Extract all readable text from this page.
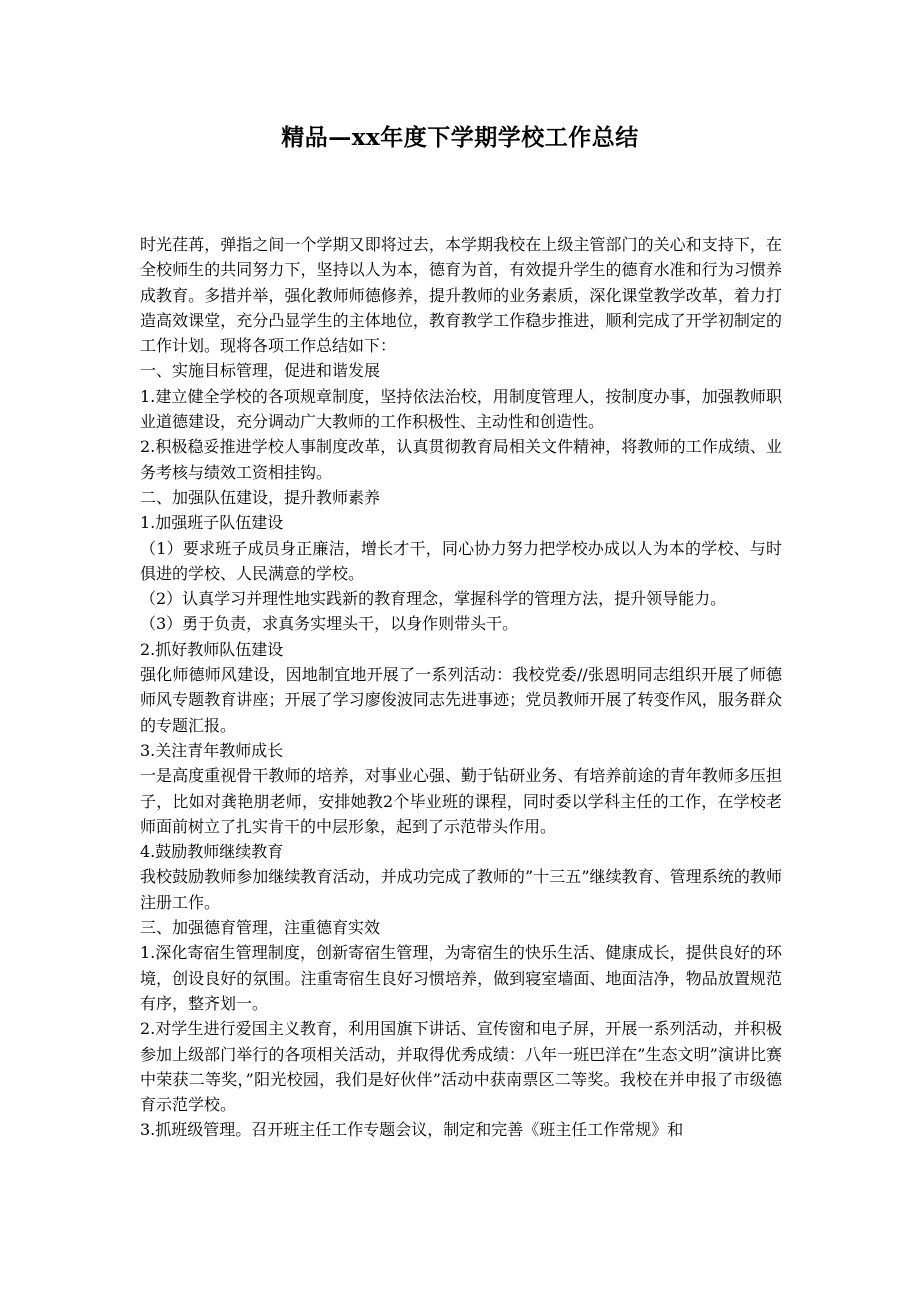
精品—xx年度下学期学校工作总结

时光荏苒，弹指之间一个学期又即将过去，本学期我校在上级主管部门的关心和支持下，在全校师生的共同努力下，坚持以人为本，德育为首，有效提升学生的德育水准和行为习惯养成教育。多措并举，强化教师师德修养，提升教师的业务素质，深化课堂教学改革，着力打造高效课堂，充分凸显学生的主体地位，教育教学工作稳步推进，顺利完成了开学初制定的工作计划。现将各项工作总结如下：

一、实施目标管理，促进和谐发展

1.建立健全学校的各项规章制度，坚持依法治校，用制度管理人，按制度办事，加强教师职业道德建设，充分调动广大教师的工作积极性、主动性和创造性。

2.积极稳妥推进学校人事制度改革，认真贯彻教育局相关文件精神，将教师的工作成绩、业务考核与绩效工资相挂钩。

二、加强队伍建设，提升教师素养

1.加强班子队伍建设

（1）要求班子成员身正廉洁，增长才干，同心协力努力把学校办成以人为本的学校、与时俱进的学校、人民满意的学校。

（2）认真学习并理性地实践新的教育理念，掌握科学的管理方法，提升领导能力。

（3）勇于负责，求真务实埋头干，以身作则带头干。

2.抓好教师队伍建设

强化师德师风建设，因地制宜地开展了一系列活动：我校党委//张恩明同志组织开展了师德师风专题教育讲座；开展了学习廖俊波同志先进事迹；党员教师开展了转变作风，服务群众的专题汇报。

3.关注青年教师成长

一是高度重视骨干教师的培养，对事业心强、勤于钻研业务、有培养前途的青年教师多压担子，比如对龚艳朋老师，安排她教2个毕业班的课程，同时委以学科主任的工作，在学校老师面前树立了扎实肯干的中层形象，起到了示范带头作用。

4.鼓励教师继续教育

我校鼓励教师参加继续教育活动，并成功完成了教师的”十三五”继续教育、管理系统的教师注册工作。

三、加强德育管理，注重德育实效

1.深化寄宿生管理制度，创新寄宿生管理，为寄宿生的快乐生活、健康成长，提供良好的环境，创设良好的氛围。注重寄宿生良好习惯培养，做到寝室墙面、地面洁净，物品放置规范有序，整齐划一。

2.对学生进行爱国主义教育，利用国旗下讲话、宣传窗和电子屏，开展一系列活动，并积极参加上级部门举行的各项相关活动，并取得优秀成绩：八年一班巴洋在”生态文明”演讲比赛中荣获二等奖，”阳光校园，我们是好伙伴”活动中获南票区二等奖。我校在并申报了市级德育示范学校。

3.抓班级管理。召开班主任工作专题会议，制定和完善《班主任工作常规》和
